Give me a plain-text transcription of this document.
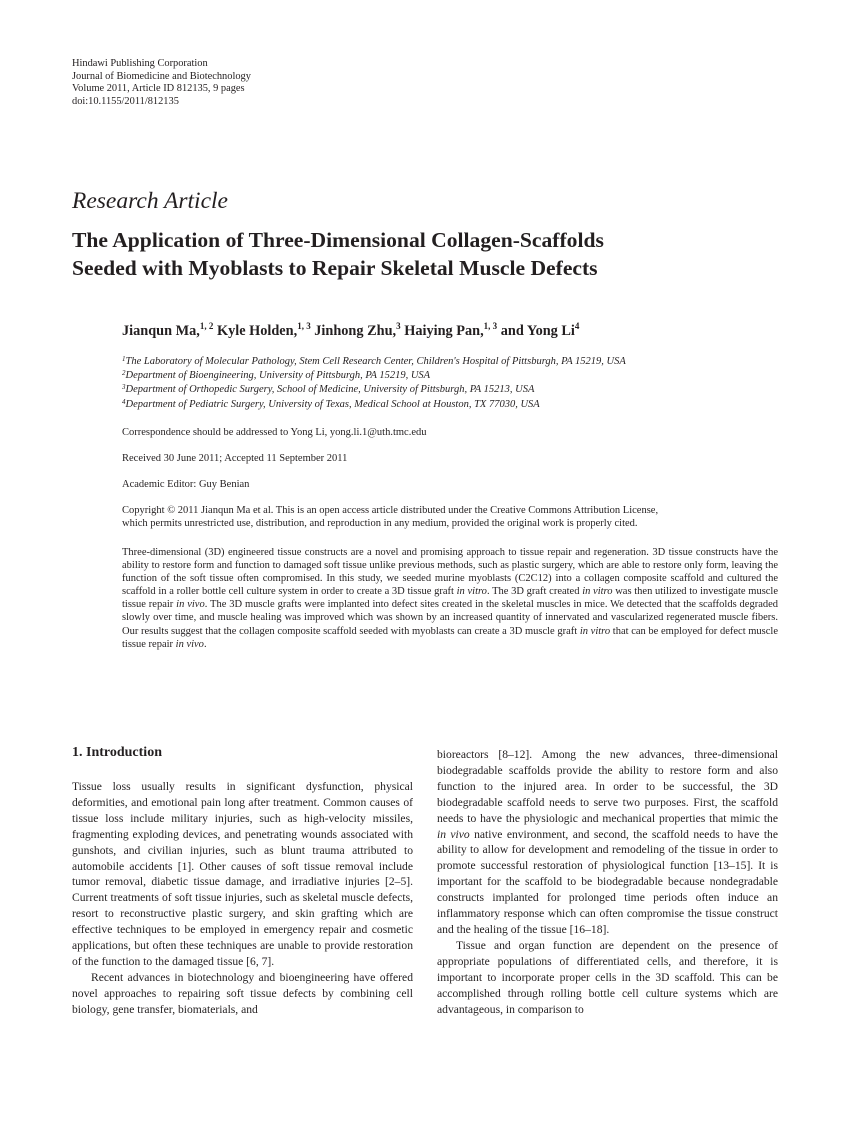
Hindawi Publishing Corporation
Journal of Biomedicine and Biotechnology
Volume 2011, Article ID 812135, 9 pages
doi:10.1155/2011/812135
Research Article
The Application of Three-Dimensional Collagen-Scaffolds
Seeded with Myoblasts to Repair Skeletal Muscle Defects
Jianqun Ma,$^{1, 2}$ Kyle Holden,$^{1, 3}$ Jinhong Zhu,$^3$ Haiying Pan,$^{1, 3}$ and Yong Li$^4$
$^1$The Laboratory of Molecular Pathology, Stem Cell Research Center, Children's Hospital of Pittsburgh, PA 15219, USA
$^2$Department of Bioengineering, University of Pittsburgh, PA 15219, USA
$^3$Department of Orthopedic Surgery, School of Medicine, University of Pittsburgh, PA 15213, USA
$^4$Department of Pediatric Surgery, University of Texas, Medical School at Houston, TX 77030, USA
Correspondence should be addressed to Yong Li, yong.li.1@uth.tmc.edu
Received 30 June 2011; Accepted 11 September 2011
Academic Editor: Guy Benian

Copyright © 2011 Jianqun Ma et al. This is an open access article distributed under the Creative Commons Attribution License,

which permits unrestricted use, distribution, and reproduction in any medium, provided the original work is properly cited.

Three-dimensional (3D) engineered tissue constructs are a novel and promising approach to tissue repair and regeneration. 3D tissue constructs have the ability to restore form and function to damaged soft tissue unlike previous methods, such as plastic surgery, which are able to restore only form, leaving the function of the soft tissue often compromised. In this study, we seeded murine myoblasts (C2C12) into a collagen composite scaffold and cultured the scaffold in a roller bottle cell culture system in order to create a 3D tissue graft in vitro. The 3D graft created in vitro was then utilized to investigate muscle tissue repair in vivo. The 3D muscle grafts were implanted into defect sites created in the skeletal muscles in mice. We detected that the scaffolds degraded slowly over time, and muscle healing was improved which was shown by an increased quantity of innervated and vascularized regenerated muscle fibers. Our results suggest that the collagen composite scaffold seeded with myoblasts can create a 3D muscle graft in vitro that can be employed for defect muscle tissue repair in vivo.

1. Introduction

Tissue loss usually results in significant dysfunction, physical deformities, and emotional pain long after treatment. Common causes of tissue loss include military injuries, such as high-velocity missiles, fragmenting exploding devices, and penetrating wounds associated with gunshots, and civilian injuries, such as blunt trauma attributed to automobile accidents [1]. Other causes of soft tissue removal include tumor removal, diabetic tissue damage, and irradiative injuries [2–5]. Current treatments of soft tissue injuries, such as skeletal muscle defects, resort to reconstructive plastic surgery, and skin grafting which are effective techniques to be employed in emergency repair and cosmetic applications, but often these techniques are unable to provide restoration of the function to the damaged tissue [6, 7].

Recent advances in biotechnology and bioengineering have offered novel approaches to repairing soft tissue defects by combining cell biology, gene transfer, biomaterials, and

bioreactors [8–12]. Among the new advances, three-dimensional biodegradable scaffolds provide the ability to restore form and also function to the injured area. In order to be successful, the 3D biodegradable scaffold needs to serve two purposes. First, the scaffold needs to have the physiologic and mechanical properties that mimic the in vivo native environment, and second, the scaffold needs to have the ability to allow for development and remodeling of the tissue in order to promote successful restoration of physiological function [13–15]. It is important for the scaffold to be biodegradable because nondegradable constructs implanted for prolonged time periods often induce an inflammatory response which can often compromise the tissue construct and the healing of the tissue [16–18].

Tissue and organ function are dependent on the presence of appropriate populations of differentiated cells, and therefore, it is important to incorporate proper cells in the 3D scaffold. This can be accomplished through rolling bottle cell culture systems which are advantageous, in comparison to
